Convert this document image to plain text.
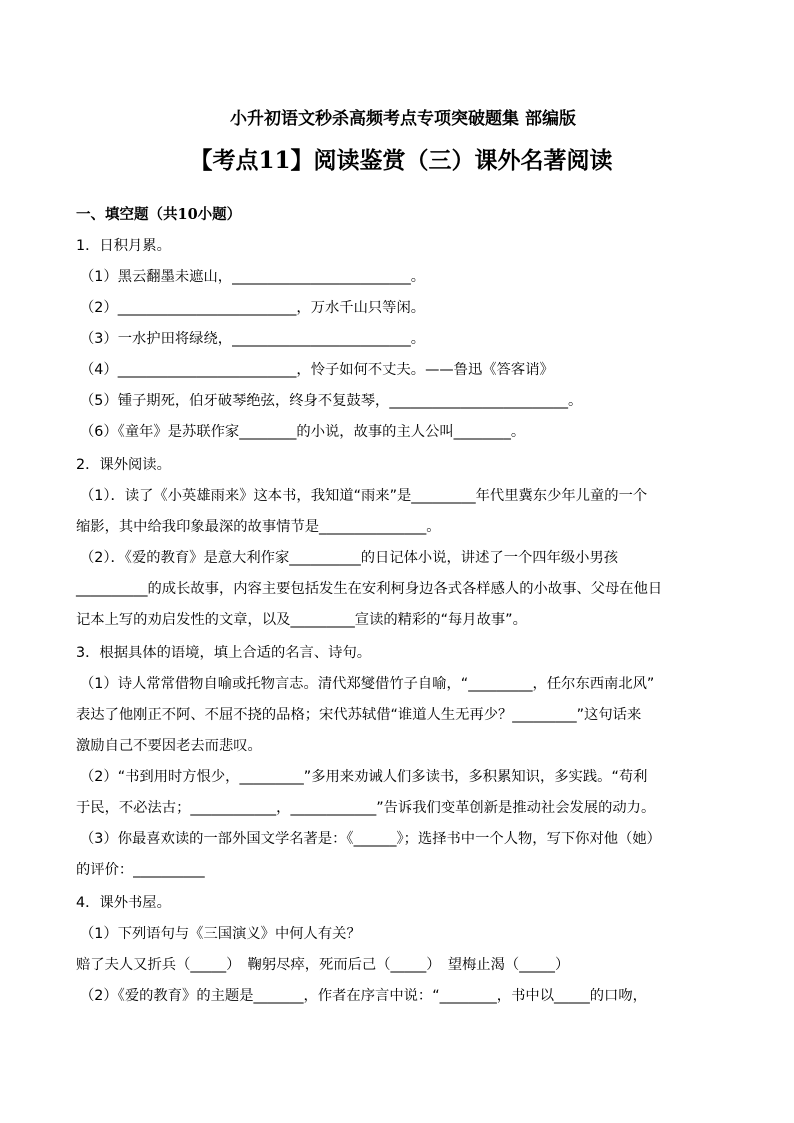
小升初语文秒杀高频考点专项突破题集 部编版
【考点11】阅读鉴赏（三）课外名著阅读
一、填空题（共10小题）
1．日积月累。
（1）黑云翻墨未遮山，_________________________。
（2）_________________________，万水千山只等闲。
（3）一水护田将绿绕，_________________________。
（4）_________________________，怜子如何不丈夫。——鲁迅《答客诮》
（5）锺子期死，伯牙破琴绝弦，终身不复鼓琴，_________________________。
（6）《童年》是苏联作家________的小说，故事的主人公叫________。
2．课外阅读。
（1）．读了《小英雄雨来》这本书，我知道“雨来”是_________年代里冀东少年儿童的一个
缩影，其中给我印象最深的故事情节是_______________。
（2）．《爱的教育》是意大利作家__________的日记体小说，讲述了一个四年级小男孩
__________的成长故事，内容主要包括发生在安利柯身边各式各样感人的小故事、父母在他日
记本上写的劝启发性的文章，以及_________宣读的精彩的“每月故事”。
3．根据具体的语境，填上合适的名言、诗句。
（1）诗人常常借物自喻或托物言志。清代郑燮借竹子自喻，“_________，任尔东西南北风”
表达了他刚正不阿、不屈不挠的品格；宋代苏轼借“谁道人生无再少？_________”这句话来
激励自己不要因老去而悲叹。
（2）“书到用时方恨少，_________”多用来劝诫人们多读书，多积累知识，多实践。“苟利
于民，不必法古；____________，____________”告诉我们变革创新是推动社会发展的动力。
（3）你最喜欢读的一部外国文学名著是：《______》；选择书中一个人物，写下你对他（她）
的评价：__________
4．课外书屋。
（1）下列语句与《三国演义》中何人有关？
赔了夫人又折兵（_____）　鞠躬尽瘁，死而后己（_____）　望梅止渴（_____）
（2）《爱的教育》的主题是_______，作者在序言中说：“________，书中以_____的口吻，
